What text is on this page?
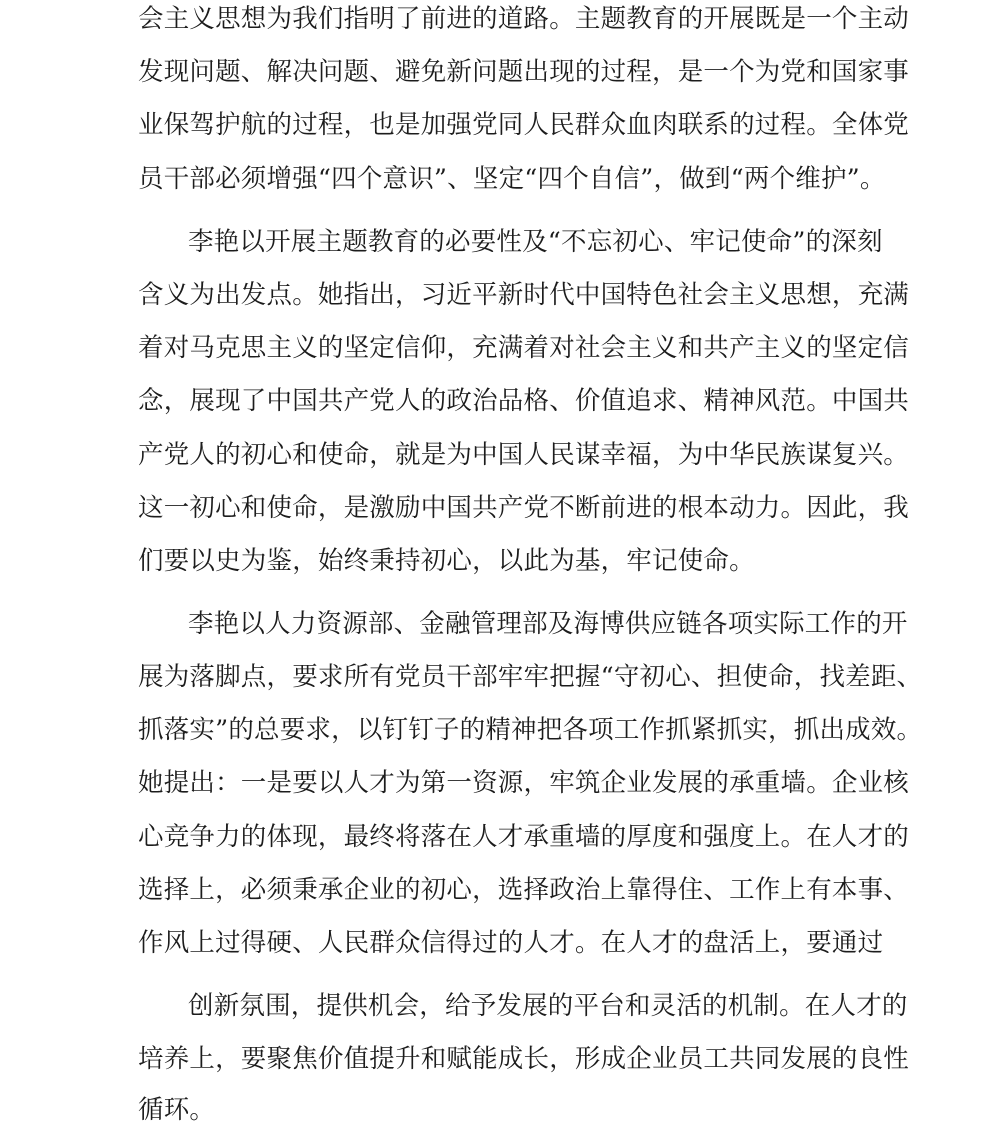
会主义思想为我们指明了前进的道路。主题教育的开展既是一个主动

发现问题、解决问题、避免新问题出现的过程，是一个为党和国家事

业保驾护航的过程，也是加强党同人民群众血肉联系的过程。全体党

员干部必须增强“四个意识”、坚定“四个自信”，做到“两个维护”。

李艳以开展主题教育的必要性及“不忘初心、牢记使命”的深刻

含义为出发点。她指出，习近平新时代中国特色社会主义思想，充满

着对马克思主义的坚定信仰，充满着对社会主义和共产主义的坚定信

念，展现了中国共产党人的政治品格、价值追求、精神风范。中国共

产党人的初心和使命，就是为中国人民谋幸福，为中华民族谋复兴。

这一初心和使命，是激励中国共产党不断前进的根本动力。因此，我

们要以史为鉴，始终秉持初心，以此为基，牢记使命。

李艳以人力资源部、金融管理部及海博供应链各项实际工作的开

展为落脚点，要求所有党员干部牢牢把握“守初心、担使命，找差距、

抓落实”的总要求，以钉钉子的精神把各项工作抓紧抓实，抓出成效。

她提出：一是要以人才为第一资源，牢筑企业发展的承重墙。企业核

心竞争力的体现，最终将落在人才承重墙的厚度和强度上。在人才的

选择上，必须秉承企业的初心，选择政治上靠得住、工作上有本事、

作风上过得硬、人民群众信得过的人才。在人才的盘活上，要通过

创新氛围，提供机会，给予发展的平台和灵活的机制。在人才的

培养上，要聚焦价值提升和赋能成长，形成企业员工共同发展的良性

循环。
